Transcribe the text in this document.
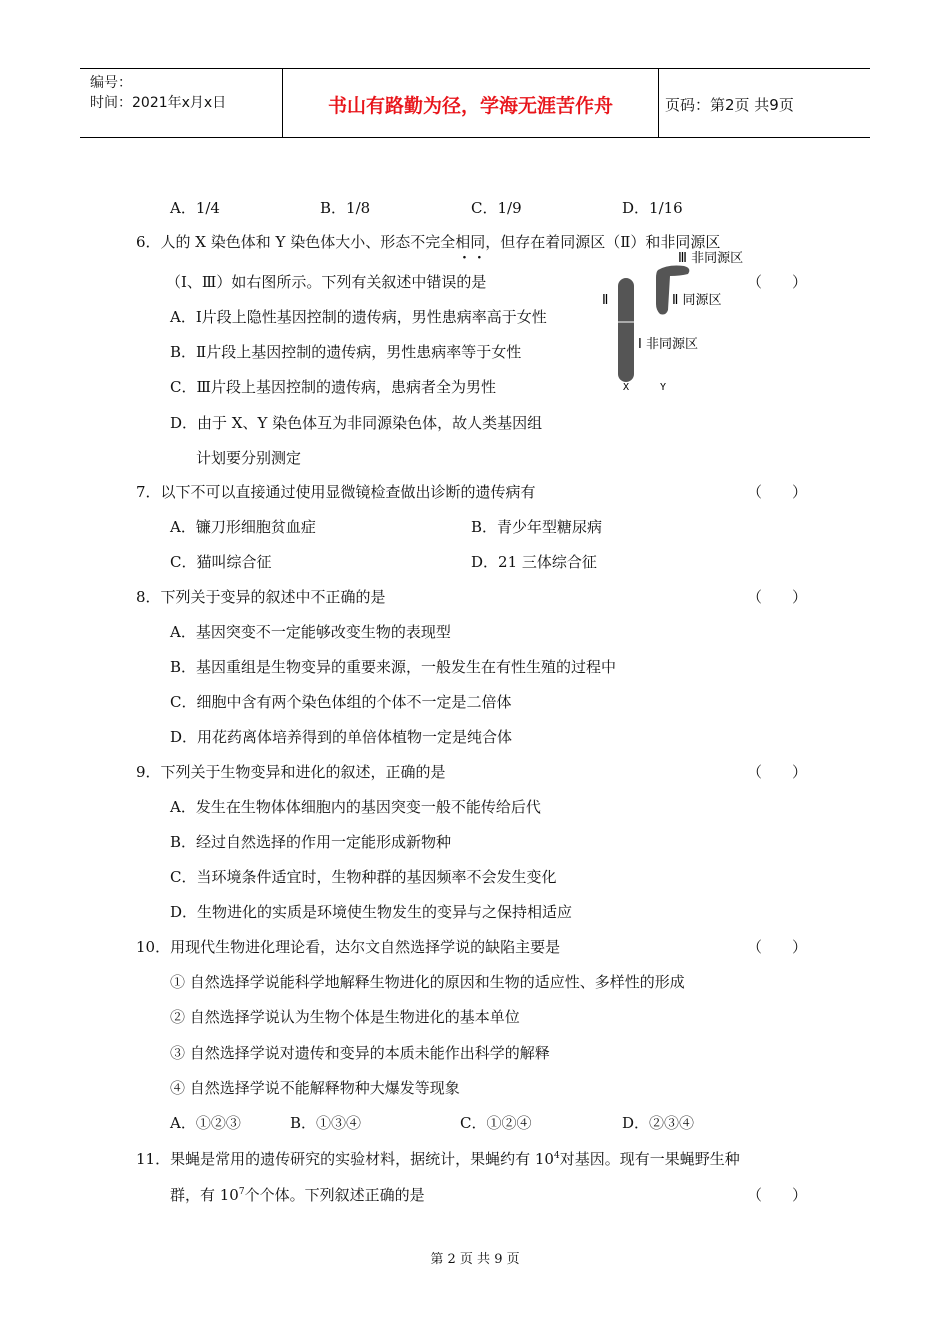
编号：
时间：2021年x月x日	书山有路勤为径，学海无涯苦作舟	页码：第2页 共9页
A．1/4	B．1/8	C．1/9	D．1/16
6．人的 X 染色体和 Y 染色体大小、形态不完全相同，但存在着同源区（Ⅱ）和非同源区
··
（Ⅰ、Ⅲ）如右图所示。下列有关叙述中错误的是	（　　）
A．Ⅰ片段上隐性基因控制的遗传病，男性患病率高于女性
B．Ⅱ片段上基因控制的遗传病，男性患病率等于女性
C．Ⅲ片段上基因控制的遗传病，患病者全为男性
D．由于 X、Y 染色体互为非同源染色体，故人类基因组
计划要分别测定
Ⅲ 非同源区
Ⅱ 同源区
Ⅱ
Ⅰ 非同源区
X	Y
7．以下不可以直接通过使用显微镜检查做出诊断的遗传病有	（　　）
A．镰刀形细胞贫血症	B．青少年型糖尿病
C．猫叫综合征	D．21 三体综合征
8．下列关于变异的叙述中不正确的是	（　　）
A．基因突变不一定能够改变生物的表现型
B．基因重组是生物变异的重要来源，一般发生在有性生殖的过程中
C．细胞中含有两个染色体组的个体不一定是二倍体
D．用花药离体培养得到的单倍体植物一定是纯合体
9．下列关于生物变异和进化的叙述，正确的是	（　　）
A．发生在生物体体细胞内的基因突变一般不能传给后代
B．经过自然选择的作用一定能形成新物种
C．当环境条件适宜时，生物种群的基因频率不会发生变化
D．生物进化的实质是环境使生物发生的变异与之保持相适应
10．用现代生物进化理论看，达尔文自然选择学说的缺陷主要是	（　　）
① 自然选择学说能科学地解释生物进化的原因和生物的适应性、多样性的形成
② 自然选择学说认为生物个体是生物进化的基本单位
③ 自然选择学说对遗传和变异的本质未能作出科学的解释
④ 自然选择学说不能解释物种大爆发等现象
A．①②③	B．①③④	C．①②④	D．②③④
11．果蝇是常用的遗传研究的实验材料，据统计，果蝇约有 $10^4$对基因。现有一果蝇野生种
群，有 $10^7$个个体。下列叙述正确的是	（　　）
第 2 页 共 9 页
